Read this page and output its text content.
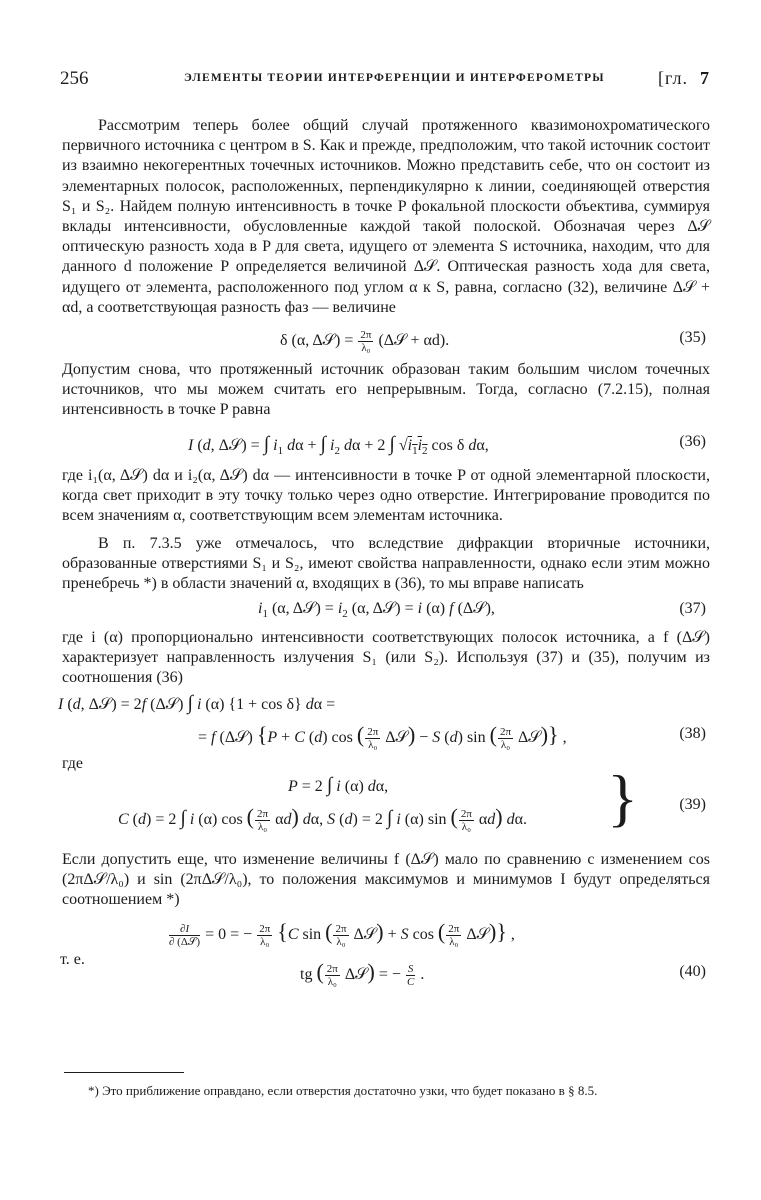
256	ЭЛЕМЕНТЫ ТЕОРИИ ИНТЕРФЕРЕНЦИИ И ИНТЕРФЕРОМЕТРЫ	[гл. 7

Рассмотрим теперь более общий случай протяженного квазимонохроматического первичного источника с центром в S. Как и прежде, предположим, что такой источник состоит из взаимно некогерентных точечных источников. Можно представить себе, что он состоит из элементарных полосок, расположенных, перпендикулярно к линии, соединяющей отверстия S₁ и S₂. Найдем полную интенсивность в точке P фокальной плоскости объектива, суммируя вклады интенсивности, обусловленные каждой такой полоской. Обозначая через Δ𝒮 оптическую разность хода в P для света, идущего от элемента S источника, находим, что для данного d положение P определяется величиной Δ𝒮. Оптическая разность хода для света, идущего от элемента, расположенного под углом α к S, равна, согласно (32), величине Δ𝒮 + αd, а соответствующая разность фаз — величине

δ (α, Δ𝒮) = $\frac{2\pi}{\text{λ₀}}$ (Δ𝒮 + αd).	(35)

Допустим снова, что протяженный источник образован таким большим числом точечных источников, что мы можем считать его непрерывным. Тогда, согласно (7.2.15), полная интенсивность в точке P равна

I (d, Δ𝒮) = ∫ $i_1$ dα + ∫ $i_2$ dα + 2 ∫ $√i_1i_2$ cos δ dα,	(36)

где i₁(α, Δ𝒮) dα и i₂(α, Δ𝒮) dα — интенсивности в точке P от одной элементарной плоскости, когда свет приходит в эту точку только через одно отверстие. Интегрирование проводится по всем значениям α, соответствующим всем элементам источника.

В п. 7.3.5 уже отмечалось, что вследствие дифракции вторичные источники, образованные отверстиями S₁ и S₂, имеют свойства направленности, однако если этим можно пренебречь *) в области значений α, входящих в (36), то мы вправе написать

$i_1$ (α, Δ𝒮) = $i_2$ (α, Δ𝒮) = i (α) f (Δ𝒮),	(37)

где i (α) пропорционально интенсивности соответствующих полосок источника, а f (Δ𝒮) характеризует направленность излучения S₁ (или S₂). Используя (37) и (35), получим из соотношения (36)

I (d, Δ𝒮) = 2f (Δ𝒮) ∫ i (α) {1 + cos δ} dα =
= f (Δ𝒮) {P + C (d) cos ( $\frac{2\pi}{\text{λ₀}}$ Δ𝒮) − S (d) sin ( $\frac{2\pi}{\text{λ₀}}$ Δ𝒮)} ,	(38)

где

P = 2 ∫ i (α) dα,
C (d) = 2 ∫ i (α) cos ( $\frac{2\pi}{\text{λ₀}} \alpha d$) dα, S (d) = 2 ∫ i (α) sin ( $\frac{2\pi}{\text{λ₀}} \alpha d$) dα. }	(39)

Если допустить еще, что изменение величины f (Δ𝒮) мало по сравнению с изменением cos (2πΔ𝒮/λ₀) и sin (2πΔ𝒮/λ₀), то положения максимумов и минимумов I будут определяться соотношением *)

$\frac{\partial I}{\text{∂ (Δ𝒮)}} = 0$ = − $\frac{2\pi}{\text{λ₀}} \{C$ sin ( $\frac{2\pi}{\text{λ₀}}$ Δ𝒮) + S cos ( $\frac{2\pi}{\text{λ₀}}$ Δ𝒮)} ,
т. е.
tg ( $\frac{2\pi}{\text{λ₀}}$ Δ𝒮) = − $\frac{S}{C}$ .	(40)
*) Это приближение оправдано, если отверстия достаточно узки, что будет показано в § 8.5.
